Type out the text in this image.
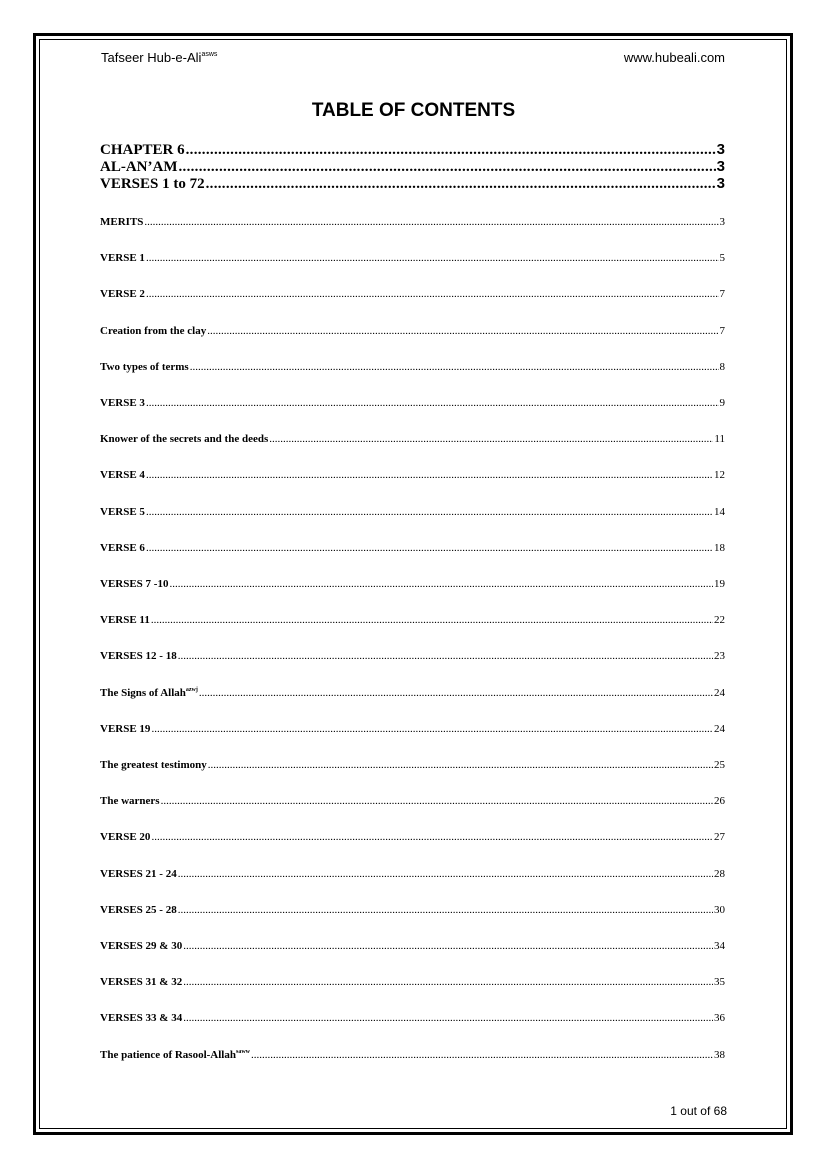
Tafseer Hub-e-Ali$^{asws}$	www.hubeali.com
TABLE OF CONTENTS
CHAPTER 6 .....	3
AL-AN’AM .....	3
VERSES 1 to 72 .....	3
MERITS .....	3
VERSE 1 .....	5
VERSE 2 .....	7
Creation from the clay .....	7
Two types of terms .....	8
VERSE 3 .....	9
Knower of the secrets and the deeds .....	11
VERSE 4 .....	12
VERSE 5 .....	14
VERSE 6 .....	18
VERSES 7 -10 .....	19
VERSE 11 .....	22
VERSES 12 - 18 .....	23
The Signs of Allah$^{azwj}$ .....	24
VERSE 19 .....	24
The greatest testimony .....	25
The warners .....	26
VERSE 20 .....	27
VERSES 21 - 24 .....	28
VERSES 25 - 28 .....	30
VERSES 29 & 30 .....	34
VERSES 31 & 32 .....	35
VERSES 33 & 34 .....	36
The patience of Rasool-Allah$^{saww}$ .....	38
1 out of 68
